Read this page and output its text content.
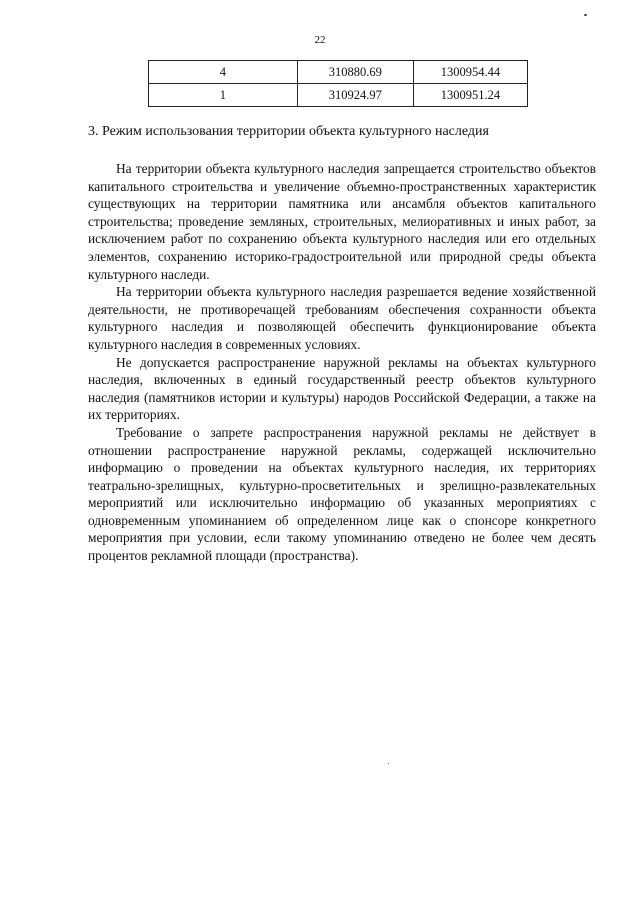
22
4	310880.69	1300954.44
1	310924.97	1300951.24
3. Режим использования территории объекта культурного наследия

На территории объекта культурного наследия запрещается строительство объектов капитального строительства и увеличение объемно-пространственных характеристик существующих на территории памятника или ансамбля объектов капитального строительства; проведение земляных, строительных, мелиоративных и иных работ, за исключением работ по сохранению объекта культурного наследия или его отдельных элементов, сохранению историко-градостроительной или природной среды объекта культурного наследи.

На территории объекта культурного наследия разрешается ведение хозяйственной деятельности, не противоречащей требованиям обеспечения сохранности объекта культурного наследия и позволяющей обеспечить функционирование объекта культурного наследия в современных условиях.

Не допускается распространение наружной рекламы на объектах культурного наследия, включенных в единый государственный реестр объектов культурного наследия (памятников истории и культуры) народов Российской Федерации, а также на их территориях.

Требование о запрете распространения наружной рекламы не действует в отношении распространение наружной рекламы, содержащей исключительно информацию о проведении на объектах культурного наследия, их территориях театрально-зрелищных, культурно-просветительных и зрелищно-развлекательных мероприятий или исключительно информацию об указанных мероприятиях с одновременным упоминанием об определенном лице как о спонсоре конкретного мероприятия при условии, если такому упоминанию отведено не более чем десять процентов рекламной площади (пространства).
